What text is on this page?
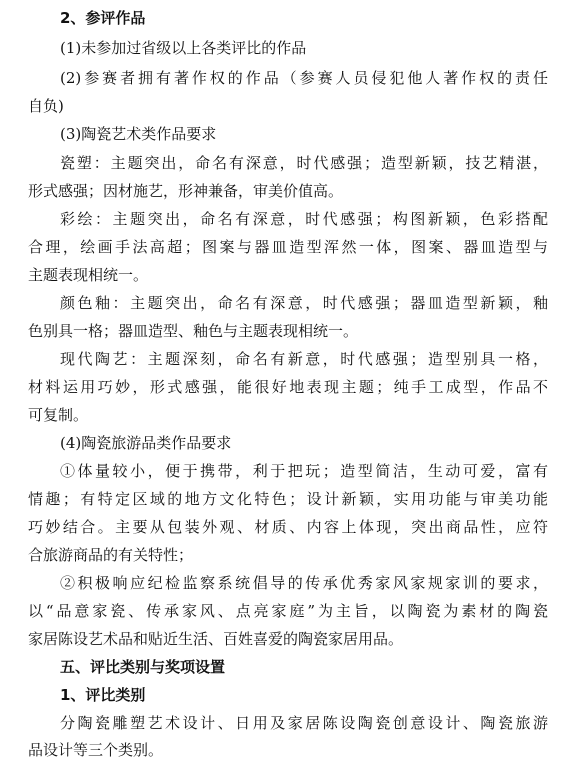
2、参评作品
(1)未参加过省级以上各类评比的作品
(2)参赛者拥有著作权的作品（参赛人员侵犯他人著作权的责任
自负)
(3)陶瓷艺术类作品要求
瓷塑：主题突出，命名有深意，时代感强；造型新颖，技艺精湛，
形式感强；因材施艺，形神兼备，审美价值高。
彩绘：主题突出，命名有深意，时代感强；构图新颖，色彩搭配
合理，绘画手法高超；图案与器皿造型浑然一体，图案、器皿造型与
主题表现相统一。
颜色釉：主题突出，命名有深意，时代感强；器皿造型新颖，釉
色别具一格；器皿造型、釉色与主题表现相统一。
现代陶艺：主题深刻，命名有新意，时代感强；造型别具一格，
材料运用巧妙，形式感强，能很好地表现主题；纯手工成型，作品不
可复制。
(4)陶瓷旅游品类作品要求
①体量较小，便于携带，利于把玩；造型简洁，生动可爱，富有
情趣；有特定区域的地方文化特色；设计新颖，实用功能与审美功能
巧妙结合。主要从包装外观、材质、内容上体现，突出商品性，应符
合旅游商品的有关特性；
②积极响应纪检监察系统倡导的传承优秀家风家规家训的要求，
以“品意家瓷、传承家风、点亮家庭”为主旨，以陶瓷为素材的陶瓷
家居陈设艺术品和贴近生活、百姓喜爱的陶瓷家居用品。
五、评比类别与奖项设置
1、评比类别
分陶瓷雕塑艺术设计、日用及家居陈设陶瓷创意设计、陶瓷旅游
品设计等三个类别。
